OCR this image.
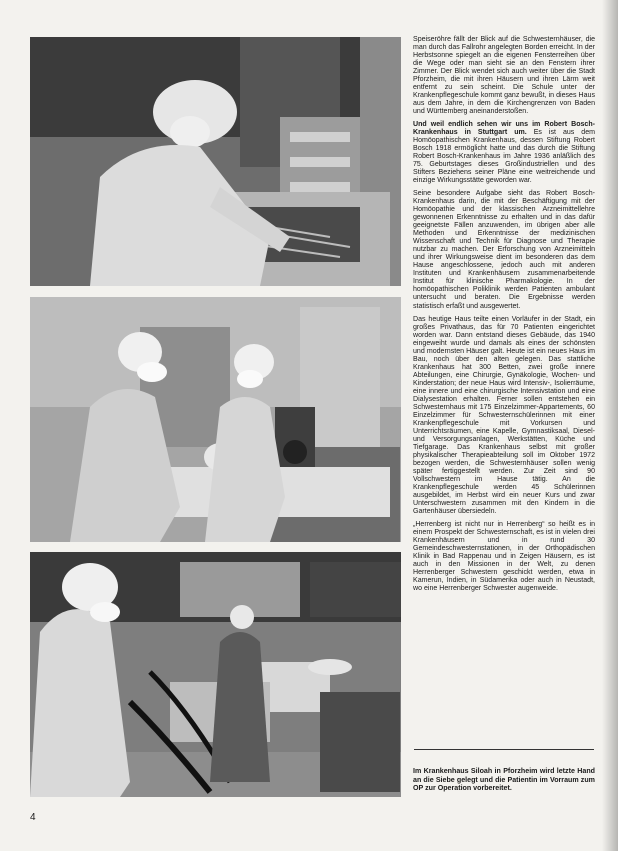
Speiseröhre fällt der Blick auf die Schwesternhäuser, die man durch das Fallrohr angelegten Borden erreicht. In der Herbstsonne spiegelt an die eigenen Fensterreihen über die Wege oder man sieht sie an den Fenstern ihrer Zimmer. Der Blick wendet sich auch weiter über die Stadt Pforzheim, die mit ihren Häusern und ihren Lärm weit entfernt zu sein scheint. Die Schule unter der Krankenpflegeschule kommt ganz bewußt, in dieses Haus aus dem Jahre, in dem die Kirchengrenzen von Baden und Württemberg aneinanderstoßen.

Und weil endlich sehen wir uns im Robert Bosch-Krankenhaus in Stuttgart um. Es ist aus dem Homöopathischen Krankenhaus, dessen Stiftung Robert Bosch 1918 ermöglicht hatte und das durch die Stiftung Robert Bosch-Krankenhaus im Jahre 1936 anläßlich des 75. Geburtstages dieses Großindustriellen und des Stifters Beziehens seiner Pläne eine weitreichende und einzige Wirkungsstätte geworden war.

Seine besondere Aufgabe sieht das Robert Bosch-Krankenhaus darin, die mit der Beschäftigung mit der Homöopathie und der klassischen Arzneimittellehre gewonnenen Erkenntnisse zu erhalten und in das dafür geeignetste Fällen anzuwenden, im übrigen aber alle Methoden und Erkenntnisse der medizinischen Wissenschaft und Technik für Diagnose und Therapie nutzbar zu machen. Der Erforschung von Arzneimitteln und ihrer Wirkungsweise dient im besonderen das dem Hause angeschlossene, jedoch auch mit anderen Instituten und Krankenhäusern zusammenarbeitende Institut für klinische Pharmakologie. In der homöopathischen Poliklinik werden Patienten ambulant untersucht und beraten. Die Ergebnisse werden statistisch erfaßt und ausgewertet.

Das heutige Haus teilte einen Vorläufer in der Stadt, ein großes Privathaus, das für 70 Patienten eingerichtet worden war. Dann entstand dieses Gebäude, das 1940 eingeweiht wurde und damals als eines der schönsten und modernsten Häuser galt. Heute ist ein neues Haus im Bau, noch über den alten gelegen. Das stattliche Krankenhaus hat 300 Betten, zwei große innere Abteilungen, eine Chirurgie, Gynäkologie, Wochen- und Kinderstation; der neue Haus wird Intensiv-, Isolierräume, eine innere und eine chirurgische Intensivstation und eine Dialysestation erhalten. Ferner sollen entstehen ein Schwesternhaus mit 175 Einzelzimmer-Appartements, 60 Einzelzimmer für Schwesternschülerinnen mit einer Krankenpflegeschule mit Vorkursen und Unterrichtsräumen, eine Kapelle, Gymnastiksaal, Diesel- und Versorgungsanlagen, Werkstätten, Küche und Tiefgarage. Das Krankenhaus selbst mit großer physikalischer Therapieabteilung soll im Oktober 1972 bezogen werden, die Schwesternhäuser sollen wenig später fertiggestellt werden. Zur Zeit sind 90 Vollschwestern im Hause tätig. An die Krankenpflegeschule werden 45 Schülerinnen ausgebildet, im Herbst wird ein neuer Kurs und zwar Unterschwestern zusammen mit den Kindern in die Gartenhäuser übersiedeln.

„Herrenberg ist nicht nur in Herrenberg“ so heißt es in einem Prospekt der Schwesternschaft, es ist in vielen drei Krankenhäusern und in rund 30 Gemeindeschwesternstationen, in der Orthopädischen Klinik in Bad Rappenau und in Zeigen Häusern, es ist auch in den Missionen in der Welt, zu denen Herrenberger Schwestern geschickt werden, etwa in Kamerun, Indien, in Südamerika oder auch in Neustadt, wo eine Herrenberger Schwester augenweide.

Im Krankenhaus Siloah in Pforzheim wird letzte Hand an die Siebe gelegt und die Patientin im Vorraum zum OP zur Operation vorbereitet.
4
